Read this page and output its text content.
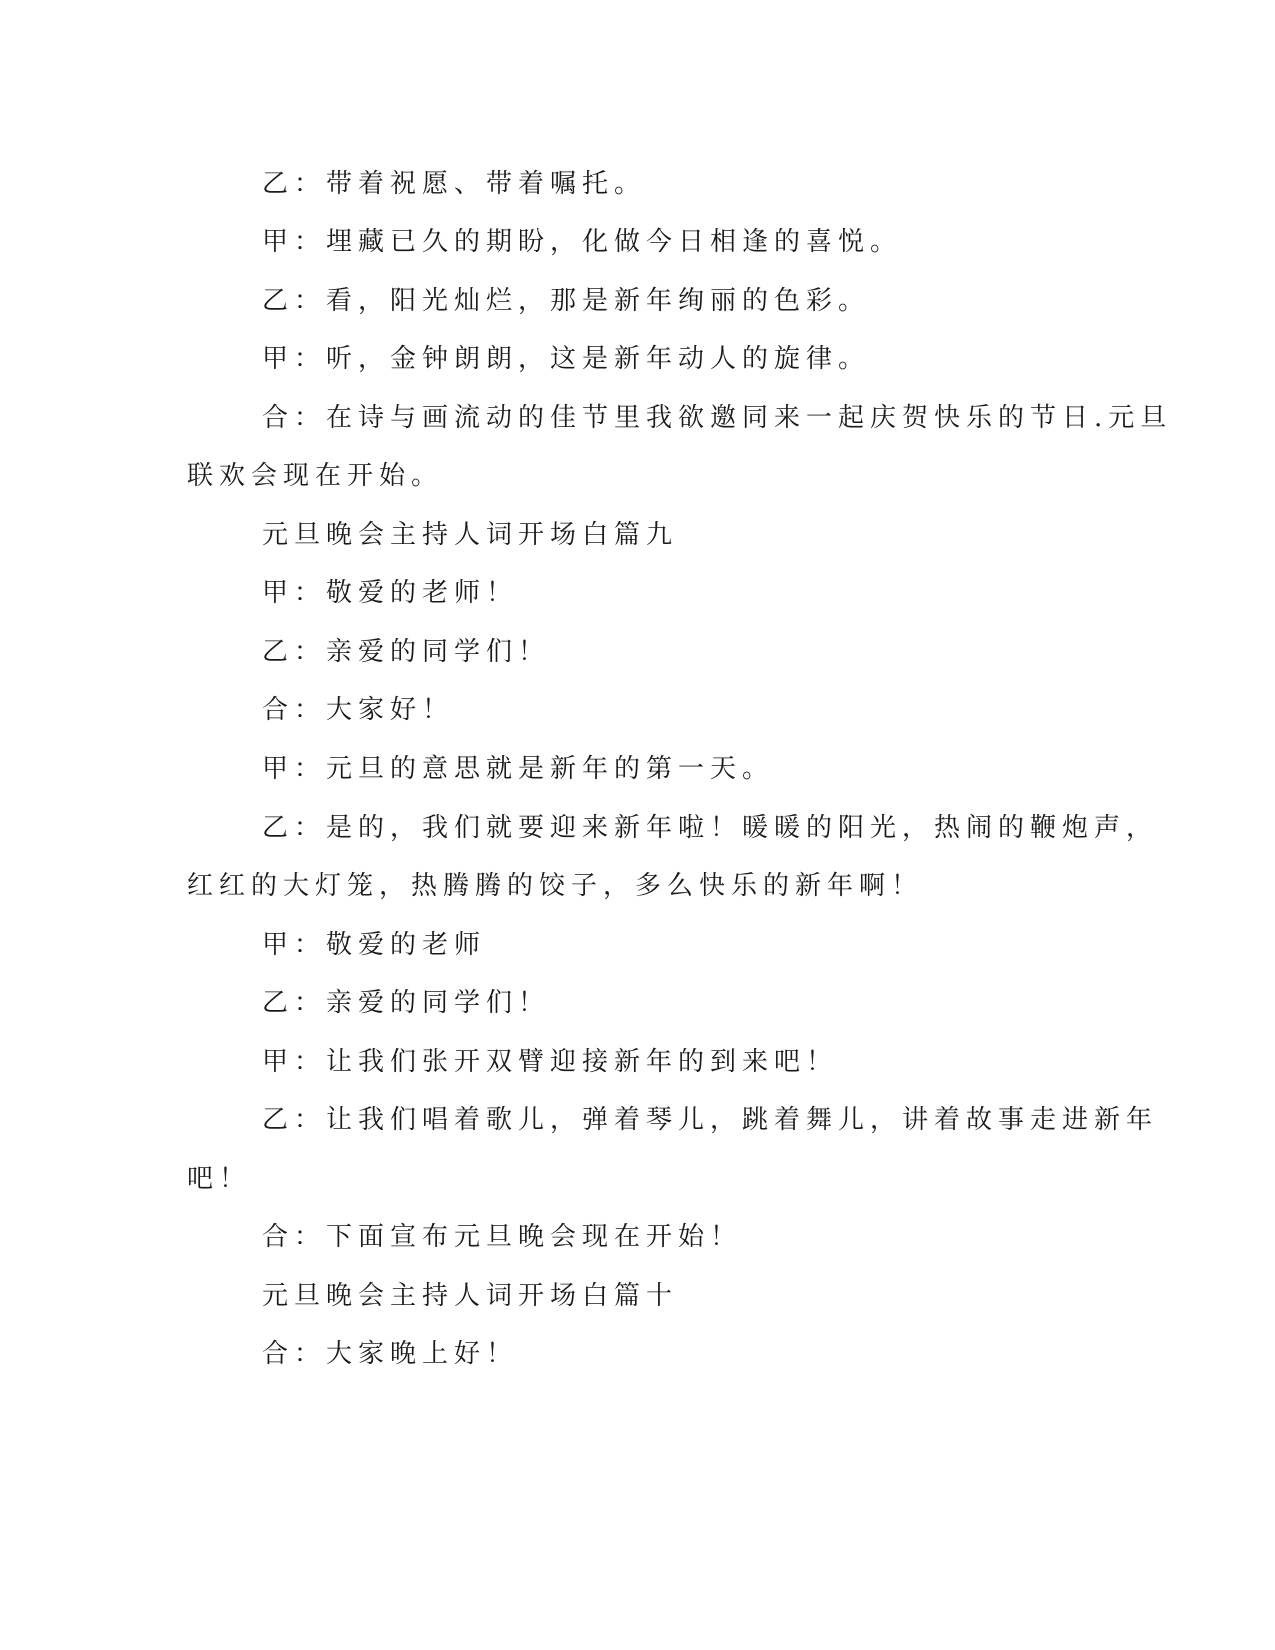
乙：带着祝愿、带着嘱托。
甲：埋藏已久的期盼，化做今日相逢的喜悦。
乙：看，阳光灿烂，那是新年绚丽的色彩。
甲：听，金钟朗朗，这是新年动人的旋律。
合：在诗与画流动的佳节里我欲邀同来一起庆贺快乐的节日.元旦
联欢会现在开始。
元旦晚会主持人词开场白篇九
甲：敬爱的老师！
乙：亲爱的同学们！
合：大家好！
甲：元旦的意思就是新年的第一天。
乙：是的，我们就要迎来新年啦！暖暖的阳光，热闹的鞭炮声，
红红的大灯笼，热腾腾的饺子，多么快乐的新年啊！
甲：敬爱的老师
乙：亲爱的同学们！
甲：让我们张开双臂迎接新年的到来吧！
乙：让我们唱着歌儿，弹着琴儿，跳着舞儿，讲着故事走进新年
吧！
合：下面宣布元旦晚会现在开始！
元旦晚会主持人词开场白篇十
合：大家晚上好！
